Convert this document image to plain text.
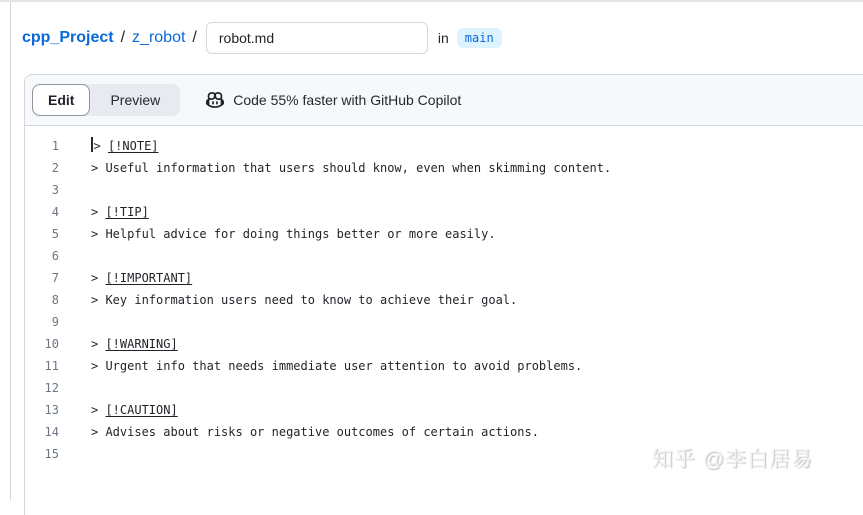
cpp_Project / z_robot /
robot.md	in	main
Edit	Preview	Code 55% faster with GitHub Copilot
1	> [!NOTE]
2	> Useful information that users should know, even when skimming content.
3
4	> [!TIP]
5	> Helpful advice for doing things better or more easily.
6
7	> [!IMPORTANT]
8	> Key information users need to know to achieve their goal.
9
10	> [!WARNING]
11	> Urgent info that needs immediate user attention to avoid problems.
12
13	> [!CAUTION]
14	> Advises about risks or negative outcomes of certain actions.
15	知乎 @李白居易
